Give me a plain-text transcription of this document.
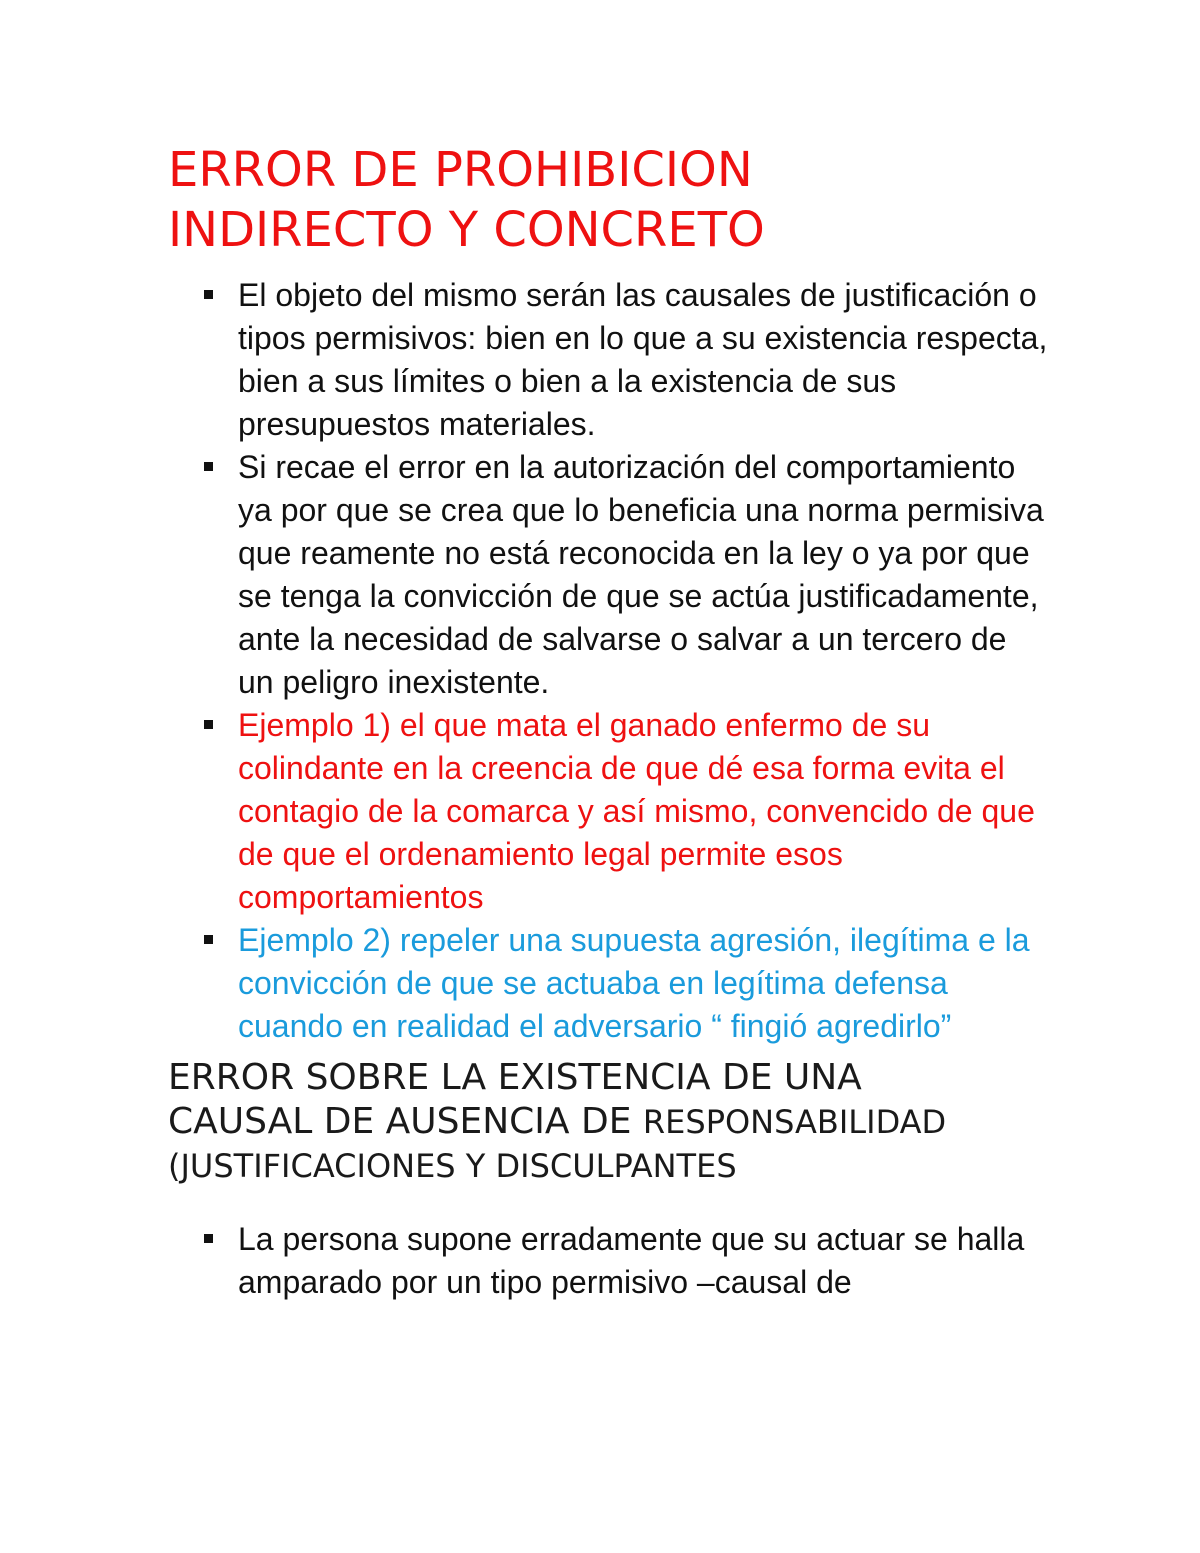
ERROR DE PROHIBICION
INDIRECTO Y CONCRETO
El objeto del mismo serán las causales de justificación o tipos permisivos: bien en lo que a su existencia respecta, bien a sus límites o bien a la existencia de sus presupuestos materiales.
Si recae el error en la autorización del comportamiento ya por que se crea que lo beneficia una norma permisiva que reamente no está reconocida en la ley o ya por que se tenga la convicción de que se actúa justificadamente, ante la necesidad de salvarse o salvar a un tercero de un peligro inexistente.
Ejemplo 1) el que mata el ganado enfermo de su colindante en la creencia de que dé esa forma evita el contagio de la comarca y así mismo, convencido de que de que el ordenamiento legal permite esos comportamientos
Ejemplo 2) repeler una supuesta agresión, ilegítima e la convicción de que se actuaba en legítima defensa cuando en realidad el adversario “ fingió agredirlo”

ERROR SOBRE LA EXISTENCIA DE UNA

CAUSAL DE AUSENCIA DE RESPONSABILIDAD

(JUSTIFICACIONES Y DISCULPANTES

La persona supone erradamente que su actuar se halla amparado por un tipo permisivo –causal de
